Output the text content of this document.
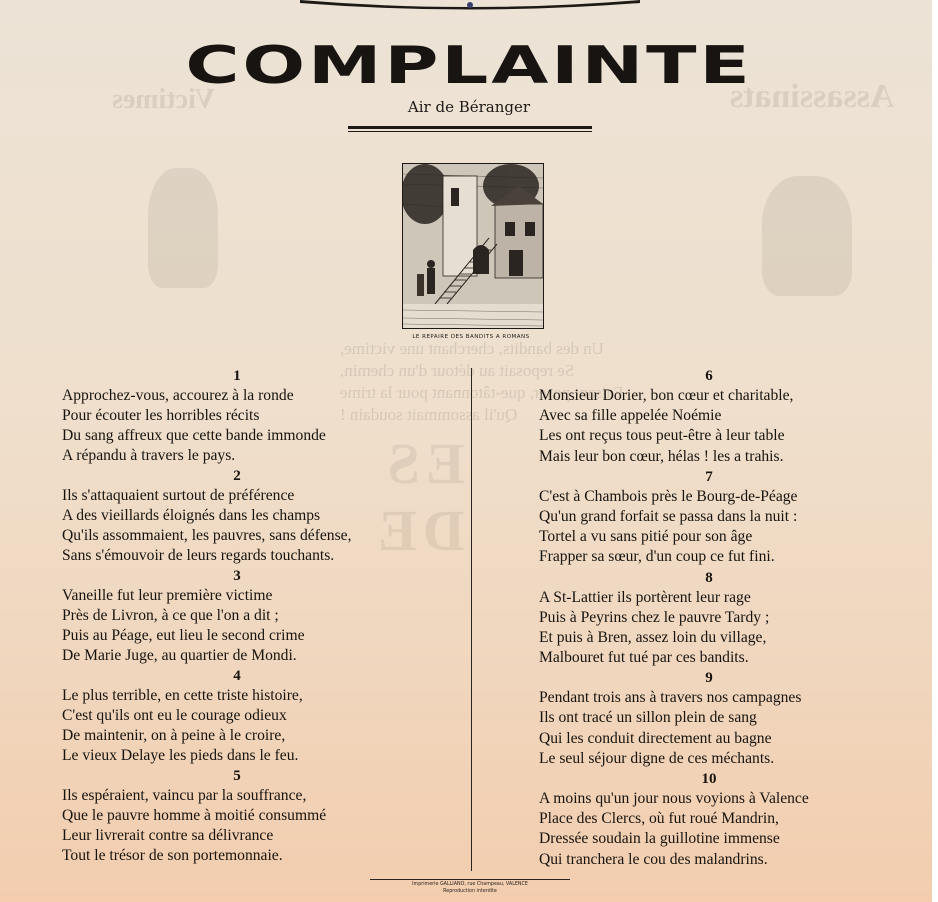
Victimes	Assassinats
Un des bandits, cherchant une victime,
Se reposait au détour d'un chemin,
Faisant poser, que-tâtonnant pour la trime
Qu'il assommait soudain !
ES
DE
COMPLAINTE
Air de Béranger
LE REPAIRE DES BANDITS A ROMANS
1
Approchez-vous, accourez à la ronde
Pour écouter les horribles récits
Du sang affreux que cette bande immonde
A répandu à travers le pays.
2
Ils s'attaquaient surtout de préférence
A des vieillards éloignés dans les champs
Qu'ils assommaient, les pauvres, sans défense,
Sans s'émouvoir de leurs regards touchants.
3
Vaneille fut leur première victime
Près de Livron, à ce que l'on a dit ;
Puis au Péage, eut lieu le second crime
De Marie Juge, au quartier de Mondi.
4
Le plus terrible, en cette triste histoire,
C'est qu'ils ont eu le courage odieux
De maintenir, on à peine à le croire,
Le vieux Delaye les pieds dans le feu.
5
Ils espéraient, vaincu par la souffrance,
Que le pauvre homme à moitié consummé
Leur livrerait contre sa délivrance
Tout le trésor de son portemonnaie.
6
Monsieur Dorier, bon cœur et charitable,
Avec sa fille appelée Noémie
Les ont reçus tous peut-être à leur table
Mais leur bon cœur, hélas ! les a trahis.
7
C'est à Chambois près le Bourg-de-Péage
Qu'un grand forfait se passa dans la nuit :
Tortel a vu sans pitié pour son âge
Frapper sa sœur, d'un coup ce fut fini.
8
A St-Lattier ils portèrent leur rage
Puis à Peyrins chez le pauvre Tardy ;
Et puis à Bren, assez loin du village,
Malbouret fut tué par ces bandits.
9
Pendant trois ans à travers nos campagnes
Ils ont tracé un sillon plein de sang
Qui les conduit directement au bagne
Le seul séjour digne de ces méchants.
10
A moins qu'un jour nous voyions à Valence
Place des Clercs, où fut roué Mandrin,
Dressée soudain la guillotine immense
Qui tranchera le cou des malandrins.
Imprimerie GALLIANO, rue Champeau, VALENCE
Reproduction interdite
